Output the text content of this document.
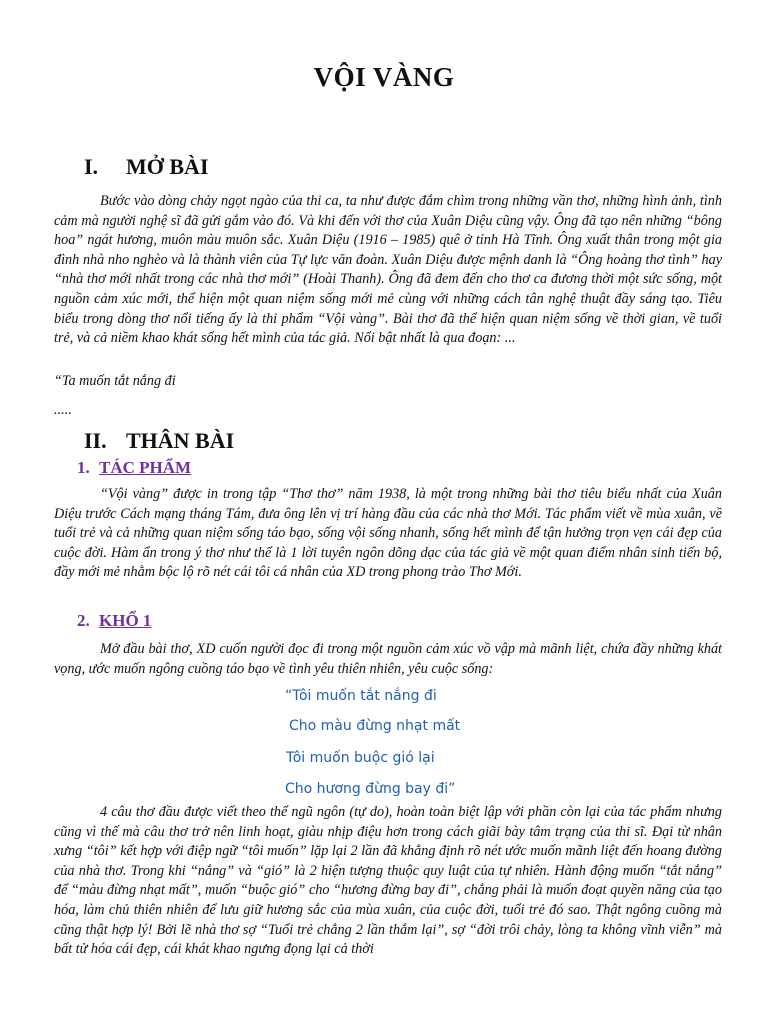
VỘI VÀNG
I. MỞ BÀI

Bước vào dòng chảy ngọt ngào của thi ca, ta như được đắm chìm trong những vần thơ, những hình ảnh, tình cảm mà người nghệ sĩ đã gửi gắm vào đó. Và khi đến với thơ của Xuân Diệu cũng vậy. Ông đã tạo nên những “bông hoa” ngát hương, muôn màu muôn sắc. Xuân Diệu (1916 – 1985) quê ở tỉnh Hà Tĩnh. Ông xuất thân trong một gia đình nhà nho nghèo và là thành viên của Tự lực văn đoàn. Xuân Diệu được mệnh danh là “Ông hoàng thơ tình” hay “nhà thơ mới nhất trong các nhà thơ mới” (Hoài Thanh). Ông đã đem đến cho thơ ca đương thời một sức sống, một nguồn cảm xúc mới, thể hiện một quan niệm sống mới mẻ cùng với những cách tân nghệ thuật đầy sáng tạo. Tiêu biểu trong dòng thơ nổi tiếng ấy là thi phẩm “Vội vàng”. Bài thơ đã thể hiện quan niệm sống về thời gian, về tuổi trẻ, và cả niềm khao khát sống hết mình của tác giả. Nổi bật nhất là qua đoạn: ...

“Ta muốn tắt nắng đi
.....
II. THÂN BÀI
1. TÁC PHẨM

“Vội vàng” được in trong tập “Thơ thơ” năm 1938, là một trong những bài thơ tiêu biểu nhất của Xuân Diệu trước Cách mạng tháng Tám, đưa ông lên vị trí hàng đầu của các nhà thơ Mới. Tác phẩm viết về mùa xuân, về tuổi trẻ và cả những quan niệm sống táo bạo, sống vội sống nhanh, sống hết mình để tận hưởng trọn vẹn cái đẹp của cuộc đời. Hàm ẩn trong ý thơ như thể là 1 lời tuyên ngôn dõng dạc của tác giả về một quan điểm nhân sinh tiến bộ, đầy mới mẻ nhằm bộc lộ rõ nét cái tôi cá nhân của XD trong phong trào Thơ Mới.

2. KHỔ 1

Mở đầu bài thơ, XD cuốn người đọc đi trong một nguồn cảm xúc vồ vập mà mãnh liệt, chứa đầy những khát vọng, ước muốn ngông cuồng táo bạo về tình yêu thiên nhiên, yêu cuộc sống:

“Tôi muốn tắt nắng đi
Cho màu đừng nhạt mất
Tôi muốn buộc gió lại
Cho hương đừng bay đi”

4 câu thơ đầu được viết theo thể ngũ ngôn (tự do), hoàn toàn biệt lập với phần còn lại của tác phẩm nhưng cũng vì thế mà câu thơ trở nên linh hoạt, giàu nhịp điệu hơn trong cách giãi bày tâm trạng của thi sĩ. Đại từ nhân xưng “tôi” kết hợp với điệp ngữ “tôi muốn” lặp lại 2 lần đã khẳng định rõ nét ước muốn mãnh liệt đến hoang đường của nhà thơ. Trong khi “nắng” và “gió” là 2 hiện tượng thuộc quy luật của tự nhiên. Hành động muốn “tắt nắng” để “màu đừng nhạt mất”, muốn “buộc gió” cho “hương đừng bay đi”, chẳng phải là muốn đoạt quyền năng của tạo hóa, làm chủ thiên nhiên để lưu giữ hương sắc của mùa xuân, của cuộc đời, tuổi trẻ đó sao. Thật ngông cuồng mà cũng thật hợp lý! Bởi lẽ nhà thơ sợ “Tuổi trẻ chẳng 2 lần thắm lại”, sợ “đời trôi chảy, lòng ta không vĩnh viễn” mà bất tử hóa cái đẹp, cái khát khao ngưng đọng lại cả thời
